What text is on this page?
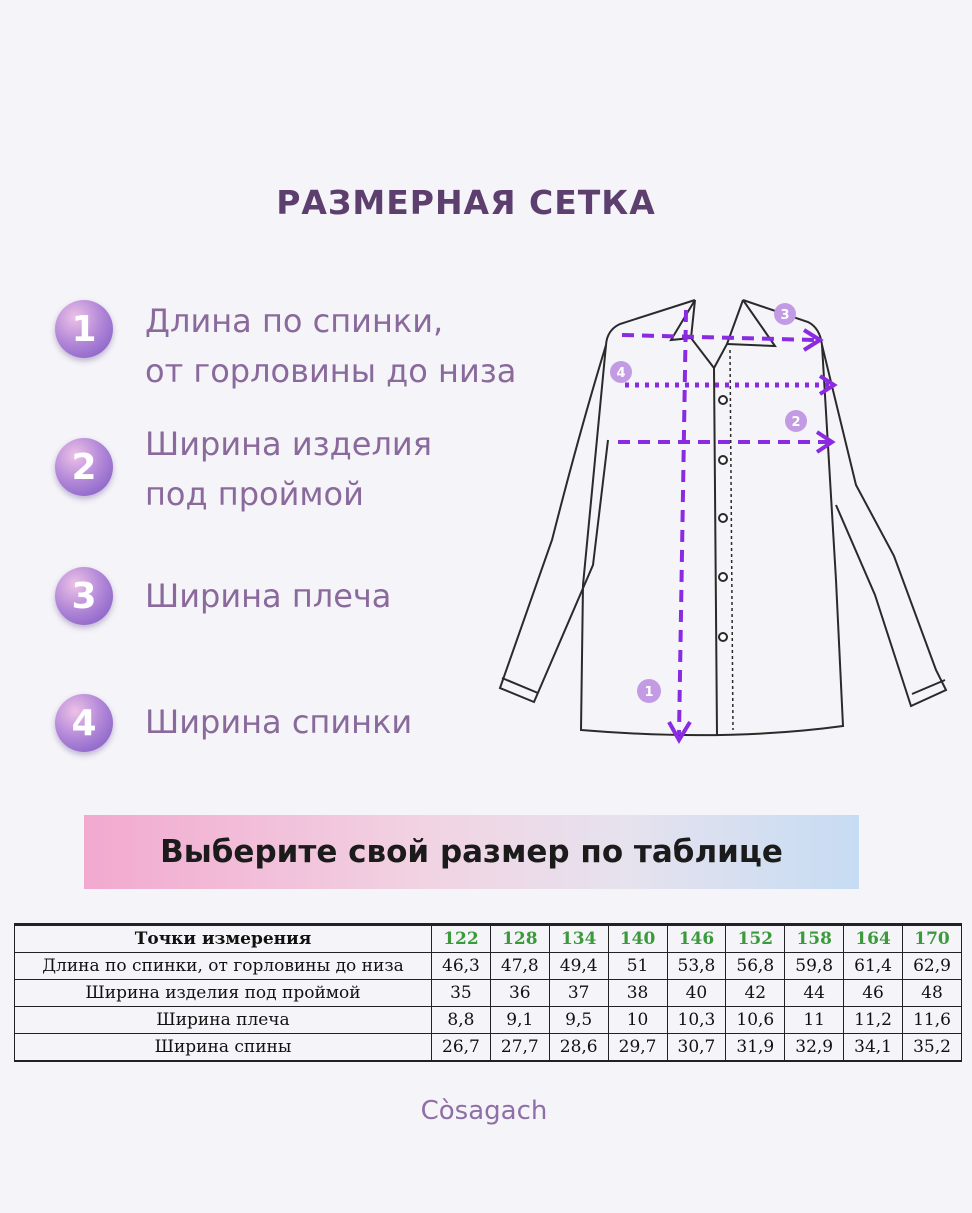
РАЗМЕРНАЯ СЕТКА
1	Длина по спинки,
от горловины до низа
2
Ширина изделия
под проймой
3	Ширина плеча
4	Ширина спинки
3
4
2
1
Выберите свой размер по таблице
Точки измерения	122	128	134	140	146	152	158	164	170
Длина по спинки, от горловины до низа	46,3	47,8	49,4	51	53,8	56,8	59,8	61,4	62,9
Ширина изделия под проймой	35	36	37	38	40	42	44	46	48
Ширина плеча	8,8	9,1	9,5	10	10,3	10,6	11	11,2	11,6
Ширина спины	26,7	27,7	28,6	29,7	30,7	31,9	32,9	34,1	35,2
Còsagach
